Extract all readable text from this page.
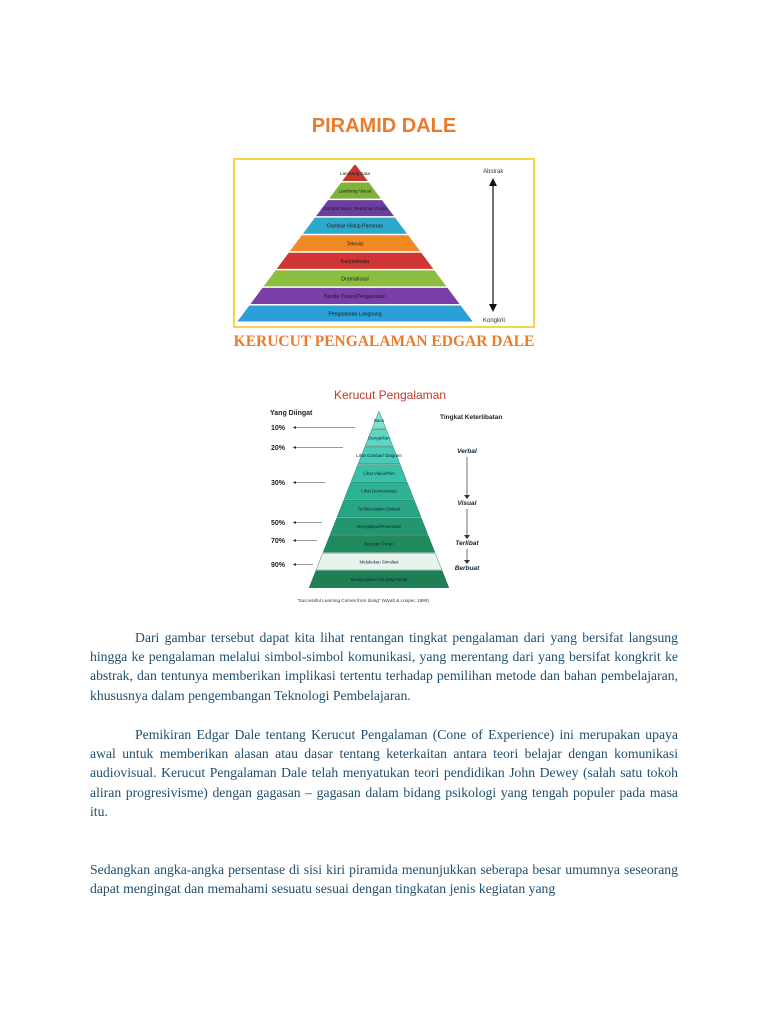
PIRAMID DALE
Lambang Kata
Lambang Visual
Gambar Diam, Rekaman Radio
Gambar Hidup Pameran
Televisi
Karyawisata
Dramatisasi
Benda Tiruan/Pengamatan
Pengalaman Langsung
Abstrak
Kongkrit
KERUCUT PENGALAMAN EDGAR DALE
Kerucut Pengalaman
Yang Diingat
Tingkat Keterlibatan
Baca
Dengarkan
Lihat Gambar/ Diagram
Lihat Video/Film
Lihat Demonstrasi
Terlibat dalam Diskusi
Menyajikan/Presentasi
Bermain Peran
Melakukan Simulasi
Mengerjakan Hal yang Nyata
10%
20%
30%
50%
70%
90%
Verbal
Visual
Terlibat
Berbuat
"Successful Learning Comes from doing" (Wyatt & Looper, 1999)

Dari gambar tersebut dapat kita lihat rentangan tingkat pengalaman dari yang bersifat langsung hingga ke pengalaman melalui simbol-simbol komunikasi, yang merentang dari yang bersifat kongkrit ke abstrak, dan tentunya memberikan implikasi tertentu terhadap pemilihan metode dan bahan pembelajaran, khususnya dalam pengembangan Teknologi Pembelajaran.

Pemikiran Edgar Dale tentang Kerucut Pengalaman (Cone of Experience) ini merupakan upaya awal untuk memberikan alasan atau dasar tentang keterkaitan antara teori belajar dengan komunikasi audiovisual. Kerucut Pengalaman Dale telah menyatukan teori pendidikan John Dewey (salah satu tokoh aliran progresivisme) dengan gagasan – gagasan dalam bidang psikologi yang tengah populer pada masa itu.

Sedangkan angka-angka persentase di sisi kiri piramida menunjukkan seberapa besar umumnya seseorang dapat mengingat dan memahami sesuatu sesuai dengan tingkatan jenis kegiatan yang
